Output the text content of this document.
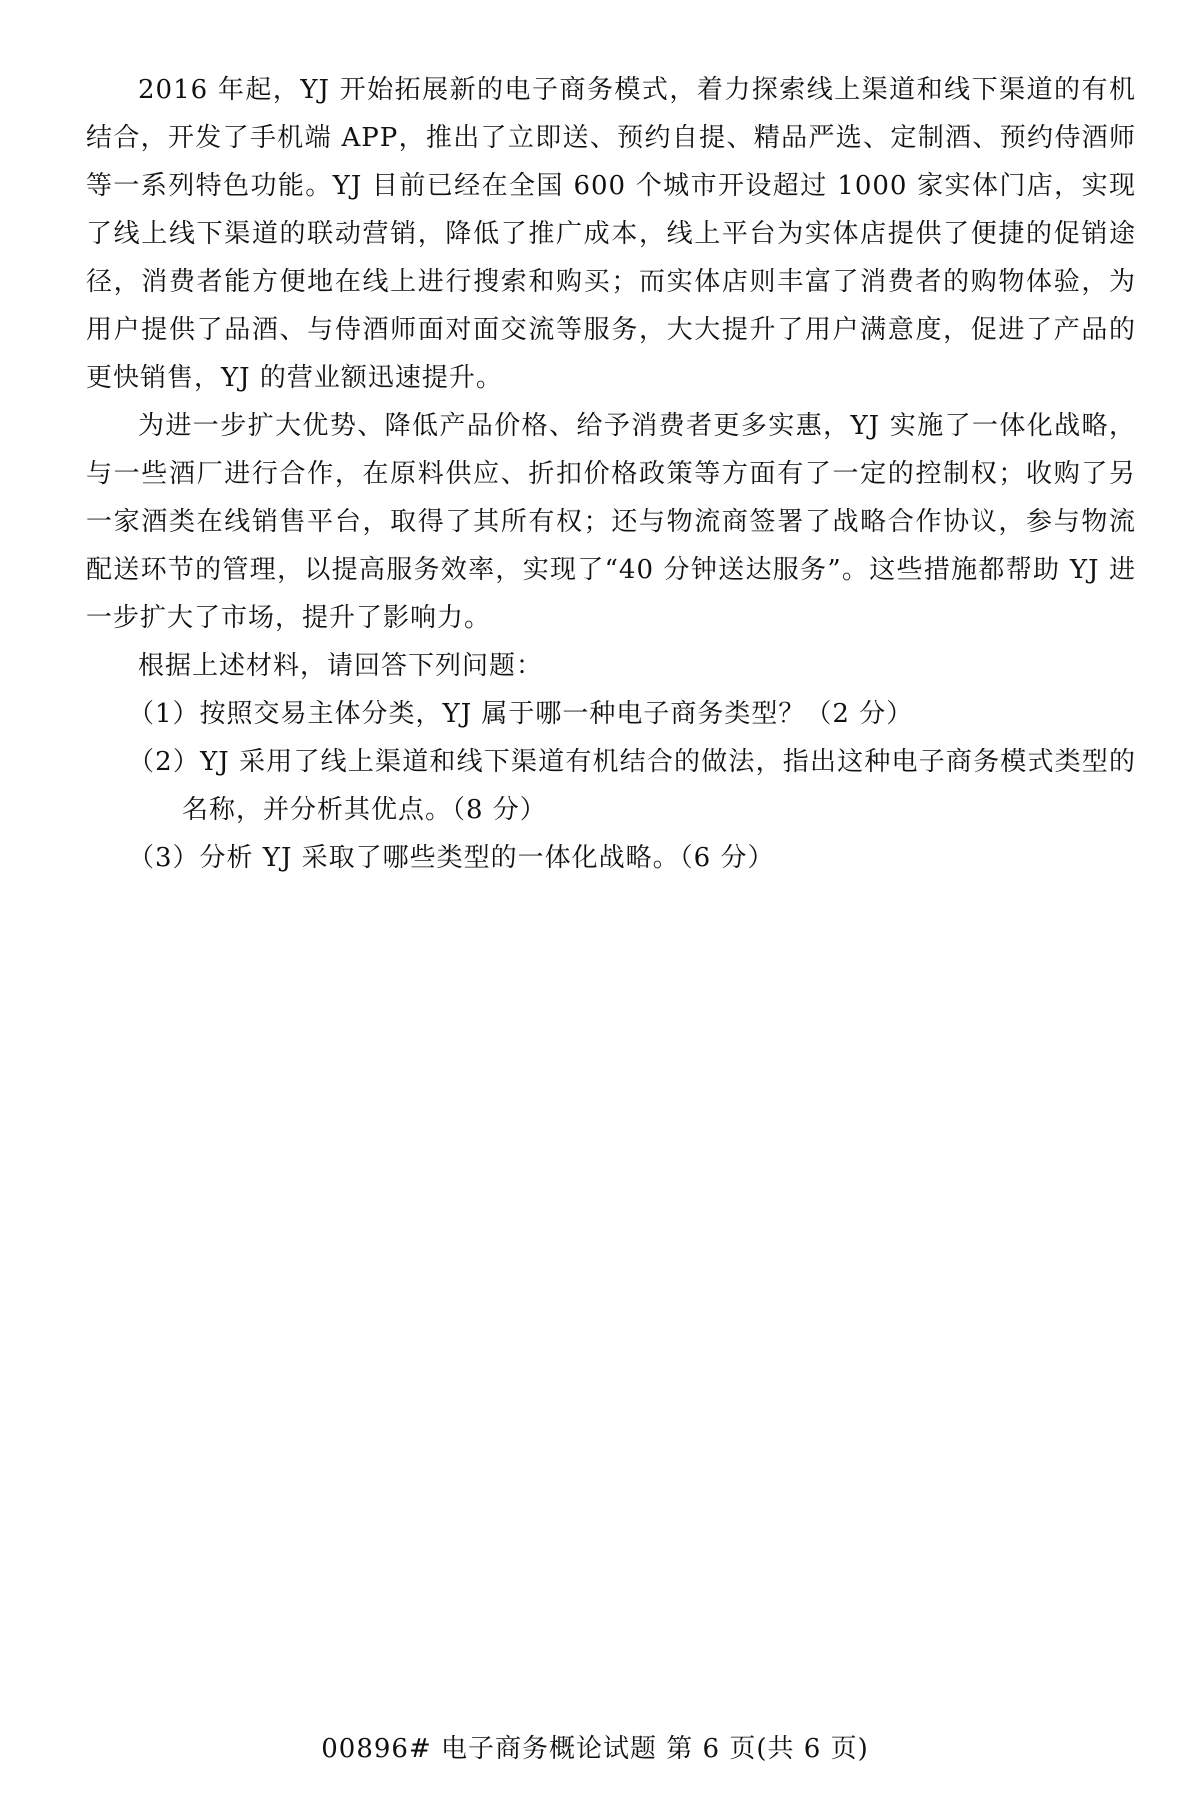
2016 年起，YJ 开始拓展新的电子商务模式，着力探索线上渠道和线下渠道的有机结合，开发了手机端 APP，推出了立即送、预约自提、精品严选、定制酒、预约侍酒师等一系列特色功能。YJ 目前已经在全国 600 个城市开设超过 1000 家实体门店，实现了线上线下渠道的联动营销，降低了推广成本，线上平台为实体店提供了便捷的促销途径，消费者能方便地在线上进行搜索和购买；而实体店则丰富了消费者的购物体验，为用户提供了品酒、与侍酒师面对面交流等服务，大大提升了用户满意度，促进了产品的更快销售，YJ 的营业额迅速提升。

为进一步扩大优势、降低产品价格、给予消费者更多实惠，YJ 实施了一体化战略，与一些酒厂进行合作，在原料供应、折扣价格政策等方面有了一定的控制权；收购了另一家酒类在线销售平台，取得了其所有权；还与物流商签署了战略合作协议，参与物流配送环节的管理，以提高服务效率，实现了“40 分钟送达服务”。这些措施都帮助 YJ 进一步扩大了市场，提升了影响力。

根据上述材料，请回答下列问题：

（1）按照交易主体分类，YJ 属于哪一种电子商务类型？（2 分）

（2）YJ 采用了线上渠道和线下渠道有机结合的做法，指出这种电子商务模式类型的名称，并分析其优点。（8 分）

（3）分析 YJ 采取了哪些类型的一体化战略。（6 分）

00896# 电子商务概论试题 第 6 页(共 6 页)
